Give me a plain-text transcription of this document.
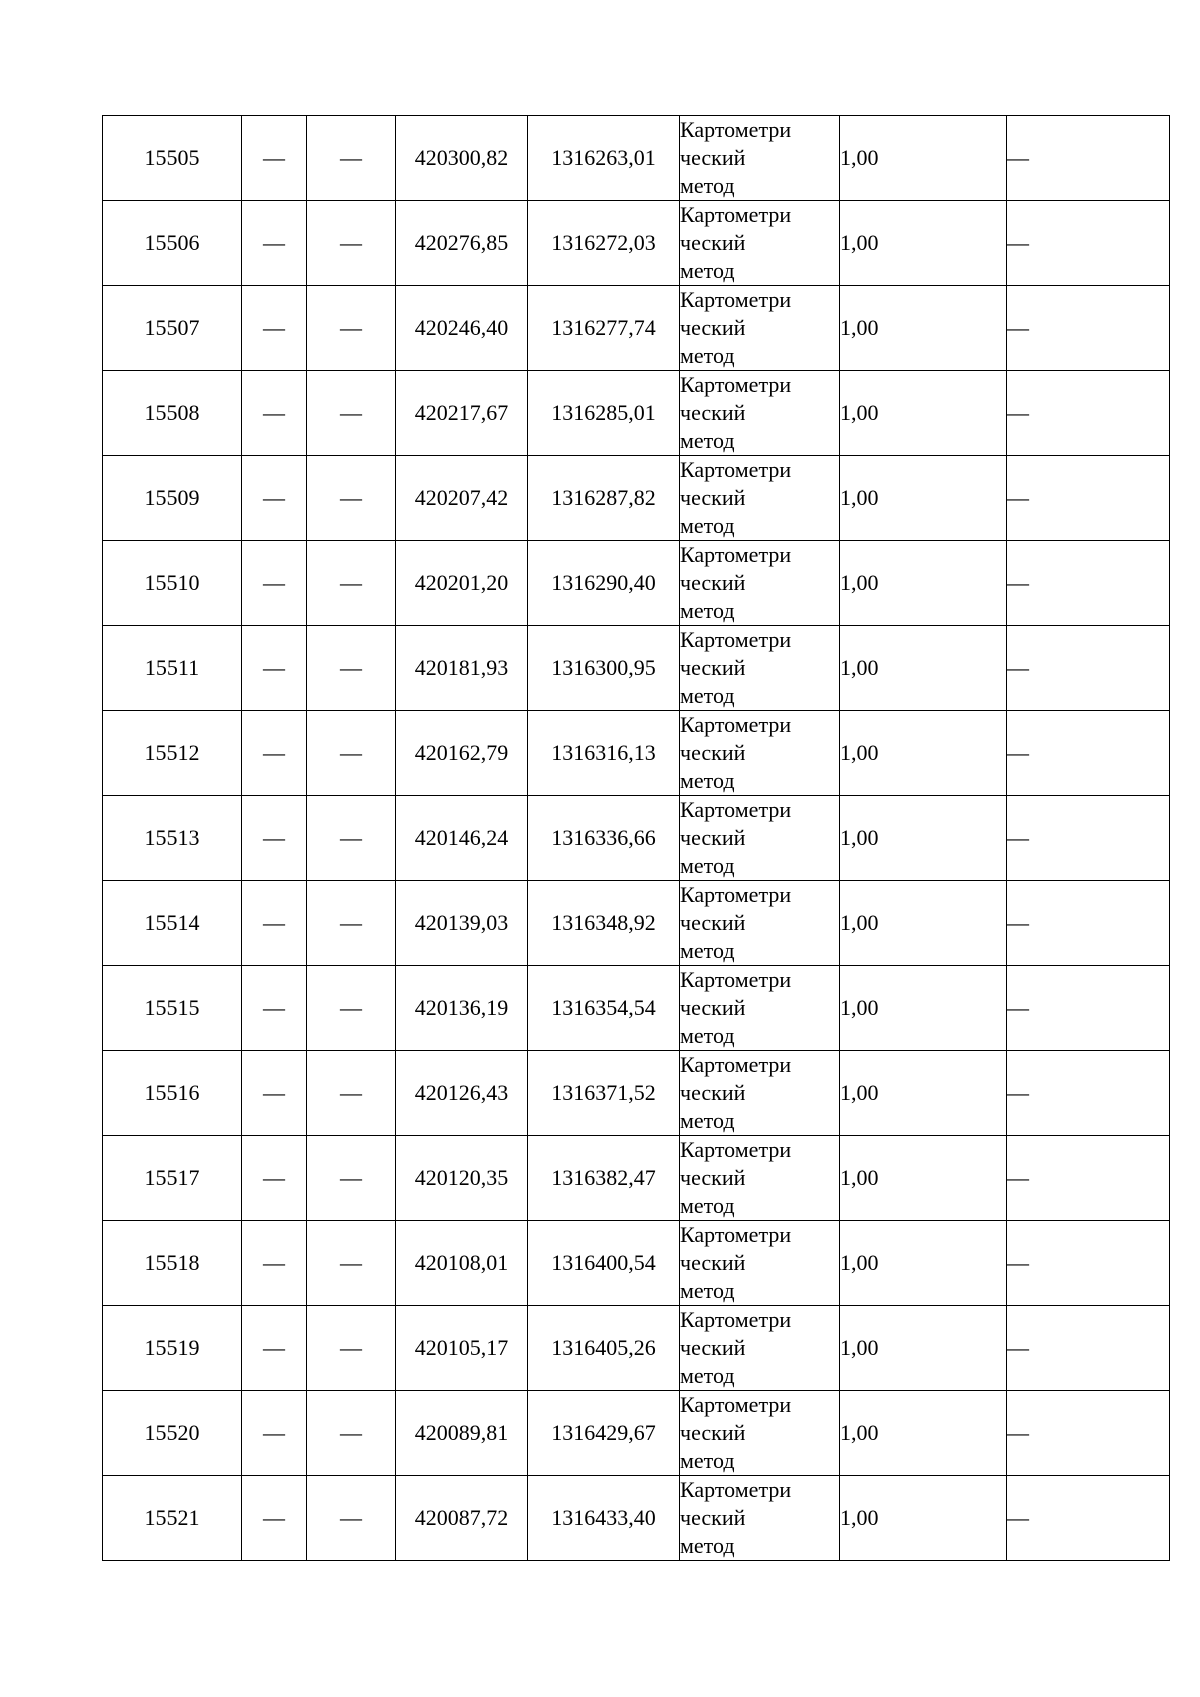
15505	—	—	420300,82	1316263,01	Картометри
ческий
метод	1,00	—
15506	—	—	420276,85	1316272,03	Картометри
ческий
метод	1,00	—
15507	—	—	420246,40	1316277,74	Картометри
ческий
метод	1,00	—
15508	—	—	420217,67	1316285,01	Картометри
ческий
метод	1,00	—
15509	—	—	420207,42	1316287,82	Картометри
ческий
метод	1,00	—
15510	—	—	420201,20	1316290,40	Картометри
ческий
метод	1,00	—
15511	—	—	420181,93	1316300,95	Картометри
ческий
метод	1,00	—
15512	—	—	420162,79	1316316,13	Картометри
ческий
метод	1,00	—
15513	—	—	420146,24	1316336,66	Картометри
ческий
метод	1,00	—
15514	—	—	420139,03	1316348,92	Картометри
ческий
метод	1,00	—
15515	—	—	420136,19	1316354,54	Картометри
ческий
метод	1,00	—
15516	—	—	420126,43	1316371,52	Картометри
ческий
метод	1,00	—
15517	—	—	420120,35	1316382,47	Картометри
ческий
метод	1,00	—
15518	—	—	420108,01	1316400,54	Картометри
ческий
метод	1,00	—
15519	—	—	420105,17	1316405,26	Картометри
ческий
метод	1,00	—
15520	—	—	420089,81	1316429,67	Картометри
ческий
метод	1,00	—
15521	—	—	420087,72	1316433,40	Картометри
ческий
метод	1,00	—
